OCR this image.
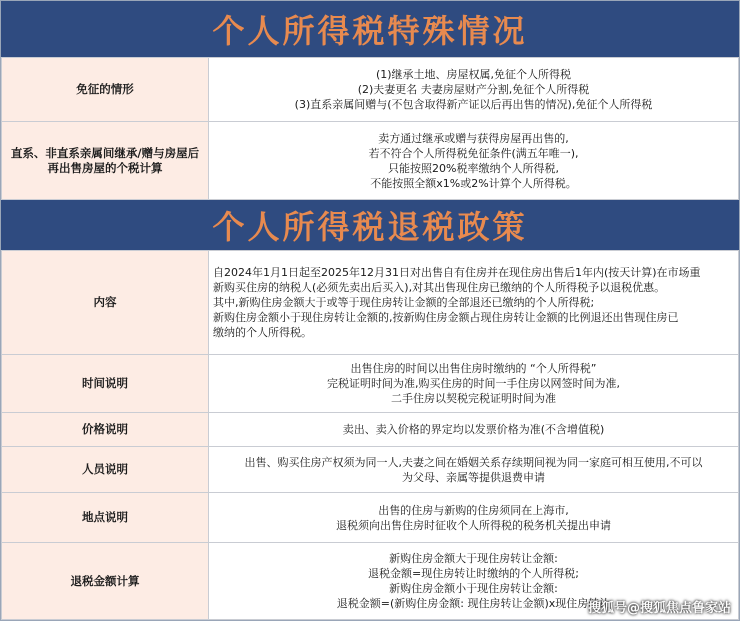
个人所得税特殊情况
免征的情形	(1)继承土地、房屋权属,免征个人所得税
(2)夫妻更名 夫妻房屋财产分割,免征个人所得税
(3)直系亲属间赠与(不包含取得新产证以后再出售的情况),免征个人所得税

直系、非直系亲属间继承/赠与房屋后
再出售房屋的个税计算	卖方通过继承或赠与获得房屋再出售的,
若不符合个人所得税免征条件(满五年唯一),
只能按照20%税率缴纳个人所得税,
不能按照全额x1%或2%计算个人所得税。
个人所得税退税政策
内容	自2024年1月1日起至2025年12月31日对出售自有住房并在现住房出售后1年内(按天计算)在市场重
新购买住房的纳税人(必须先卖出后买入),对其出售现住房已缴纳的个人所得税予以退税优惠。
其中,新购住房金额大于或等于现住房转让金额的全部退还已缴纳的个人所得税;
新购住房金额小于现住房转让金额的,按新购住房金额占现住房转让金额的比例退还出售现住房已
缴纳的个人所得税。

时间说明	出售住房的时间以出售住房时缴纳的 “个人所得税”
完税证明时间为准,购买住房的时间一手住房以网签时间为准,
二手住房以契税完税证明时间为准

价格说明	卖出、卖入价格的界定均以发票价格为准(不含增值税)

人员说明	出售、购买住房产权须为同一人,夫妻之间在婚姻关系存续期间视为同一家庭可相互使用,不可以
为父母、亲属等提供退费申请

地点说明	出售的住房与新购的住房须同在上海市,
退税须向出售住房时征收个人所得税的税务机关提出申请

退税金额计算	新购住房金额大于现住房转让金额:
退税金额=现住房转让时缴纳的个人所得税;
新购住房金额小于现住房转让金额:
退税金额=(新购住房金额: 现住房转让金额)x现住房转让
搜狐号@搜狐焦点鲁家站
